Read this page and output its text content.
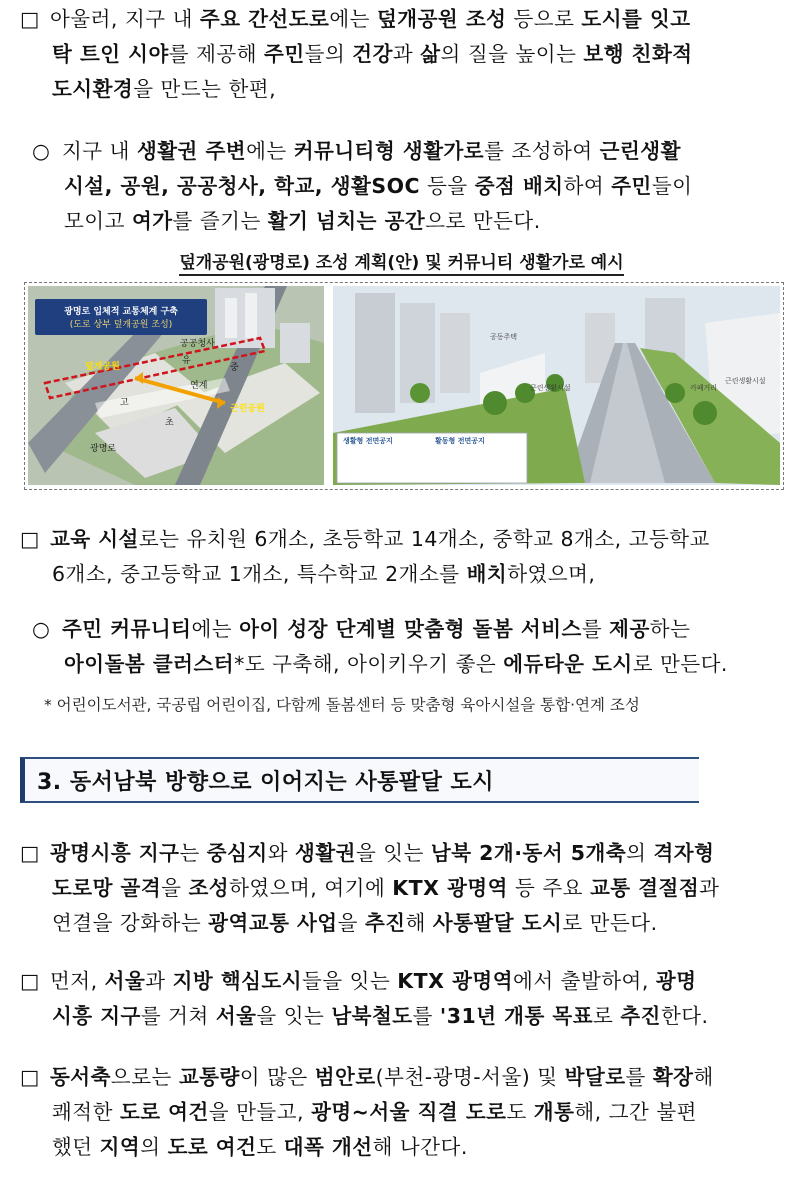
□ 아울러, 지구 내 주요 간선도로에는 덮개공원 조성 등으로 도시를 잇고
탁 트인 시야를 제공해 주민들의 건강과 삶의 질을 높이는 보행 친화적
도시환경을 만드는 한편,
○ 지구 내 생활권 주변에는 커뮤니티형 생활가로를 조성하여 근린생활
시설, 공원, 공공청사, 학교, 생활SOC 등을 중점 배치하여 주민들이
모이고 여가를 즐기는 활기 넘치는 공간으로 만든다.
덮개공원(광명로) 조성 계획(안) 및 커뮤니티 생활가로 예시
광명로 입체적 교통체계 구축
(도로 상부 덮개공원 조성)
공공청사
유
중
고
초
광명로
덮개공원
근린공원
연계
공동주택
근린생활시설	카페거리
근린생활시설
생활형 전면공지	활동형 전면공지
□ 교육 시설로는 유치원 6개소, 초등학교 14개소, 중학교 8개소, 고등학교
6개소, 중고등학교 1개소, 특수학교 2개소를 배치하였으며,
○ 주민 커뮤니티에는 아이 성장 단계별 맞춤형 돌봄 서비스를 제공하는
아이돌봄 클러스터*도 구축해, 아이키우기 좋은 에듀타운 도시로 만든다.
* 어린이도서관, 국공립 어린이집, 다함께 돌봄센터 등 맞춤형 육아시설을 통합·연계 조성
3. 동서남북 방향으로 이어지는 사통팔달 도시
□ 광명시흥 지구는 중심지와 생활권을 잇는 남북 2개·동서 5개축의 격자형
도로망 골격을 조성하였으며, 여기에 KTX 광명역 등 주요 교통 결절점과
연결을 강화하는 광역교통 사업을 추진해 사통팔달 도시로 만든다.
□ 먼저, 서울과 지방 핵심도시들을 잇는 KTX 광명역에서 출발하여, 광명
시흥 지구를 거쳐 서울을 잇는 남북철도를 '31년 개통 목표로 추진한다.
□ 동서축으로는 교통량이 많은 범안로(부천-광명-서울) 및 박달로를 확장해
쾌적한 도로 여건을 만들고, 광명~서울 직결 도로도 개통해, 그간 불편
했던 지역의 도로 여건도 대폭 개선해 나간다.
